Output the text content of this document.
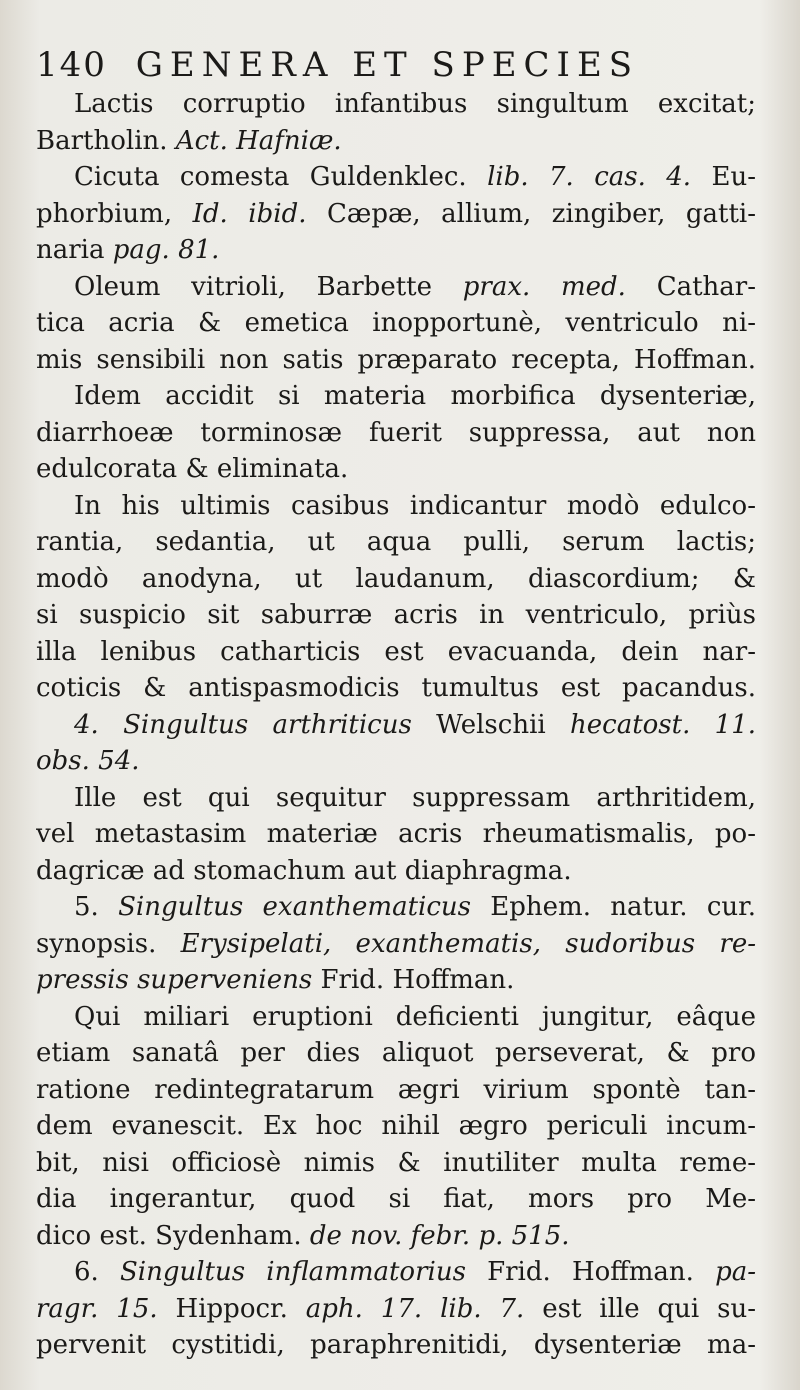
140 GENERA ET SPECIES
Lactis corruptio infantibus singultum excitat;
Bartholin. Act. Hafniæ.
Cicuta comesta Guldenklec. lib. 7. cas. 4. Eu-
phorbium, Id. ibid. Cæpæ, allium, zingiber, gatti-
naria pag. 81.
Oleum vitrioli, Barbette prax. med. Cathar-
tica acria & emetica inopportunè, ventriculo ni-
mis sensibili non satis præparato recepta, Hoffman.
Idem accidit si materia morbifica dysenteriæ,
diarrhoeæ torminosæ fuerit suppressa, aut non
edulcorata & eliminata.
In his ultimis casibus indicantur modò edulco-
rantia, sedantia, ut aqua pulli, serum lactis;
modò anodyna, ut laudanum, diascordium; &
si suspicio sit saburræ acris in ventriculo, priùs
illa lenibus catharticis est evacuanda, dein nar-
coticis & antispasmodicis tumultus est pacandus.
4. Singultus arthriticus Welschii hecatost. 11.
obs. 54.
Ille est qui sequitur suppressam arthritidem,
vel metastasim materiæ acris rheumatismalis, po-
dagricæ ad stomachum aut diaphragma.
5. Singultus exanthematicus Ephem. natur. cur.
synopsis. Erysipelati, exanthematis, sudoribus re-
pressis superveniens Frid. Hoffman.
Qui miliari eruptioni deficienti jungitur, eâque
etiam sanatâ per dies aliquot perseverat, & pro
ratione redintegratarum ægri virium spontè tan-
dem evanescit. Ex hoc nihil ægro periculi incum-
bit, nisi officiosè nimis & inutiliter multa reme-
dia ingerantur, quod si fiat, mors pro Me-
dico est. Sydenham. de nov. febr. p. 515.
6. Singultus inflammatorius Frid. Hoffman. pa-
ragr. 15. Hippocr. aph. 17. lib. 7. est ille qui su-
pervenit cystitidi, paraphrenitidi, dysenteriæ ma-
